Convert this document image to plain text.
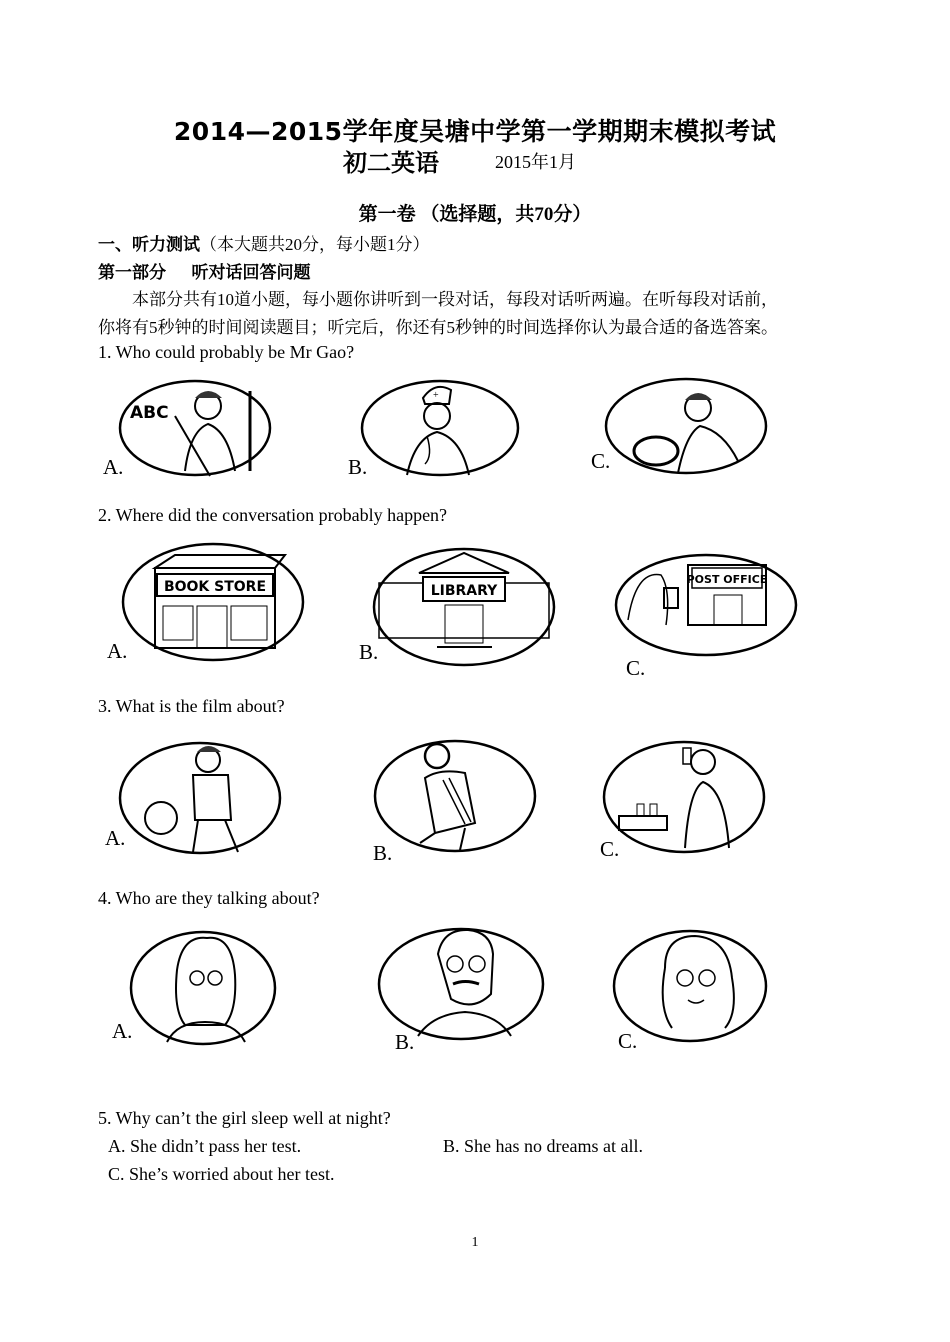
2014—2015学年度吴塘中学第一学期期末模拟考试
初二英语	2015年1月
第一卷 （选择题，共70分）
一、听力测试（本大题共20分，每小题1分）
第一部分      听对话回答问题
本部分共有10道小题，每小题你讲听到一段对话，每段对话听两遍。在听每段对话前，
你将有5秒钟的时间阅读题目；听完后，你还有5秒钟的时间选择你认为最合适的备选答案。
1. Who could probably be Mr Gao?
ABC
A.
+
B.	C.
2. Where did the conversation probably happen?
BOOK STORE
A.
LIBRARY
B.
POST OFFICE
C.
3. What is the film about?
A.
B.	C.
4. Who are they talking about?
A.	B.	C.
5. Why can’t the girl sleep well at night?
A. She didn’t pass her test.	B. She has no dreams at all.
C. She’s worried about her test.
1
